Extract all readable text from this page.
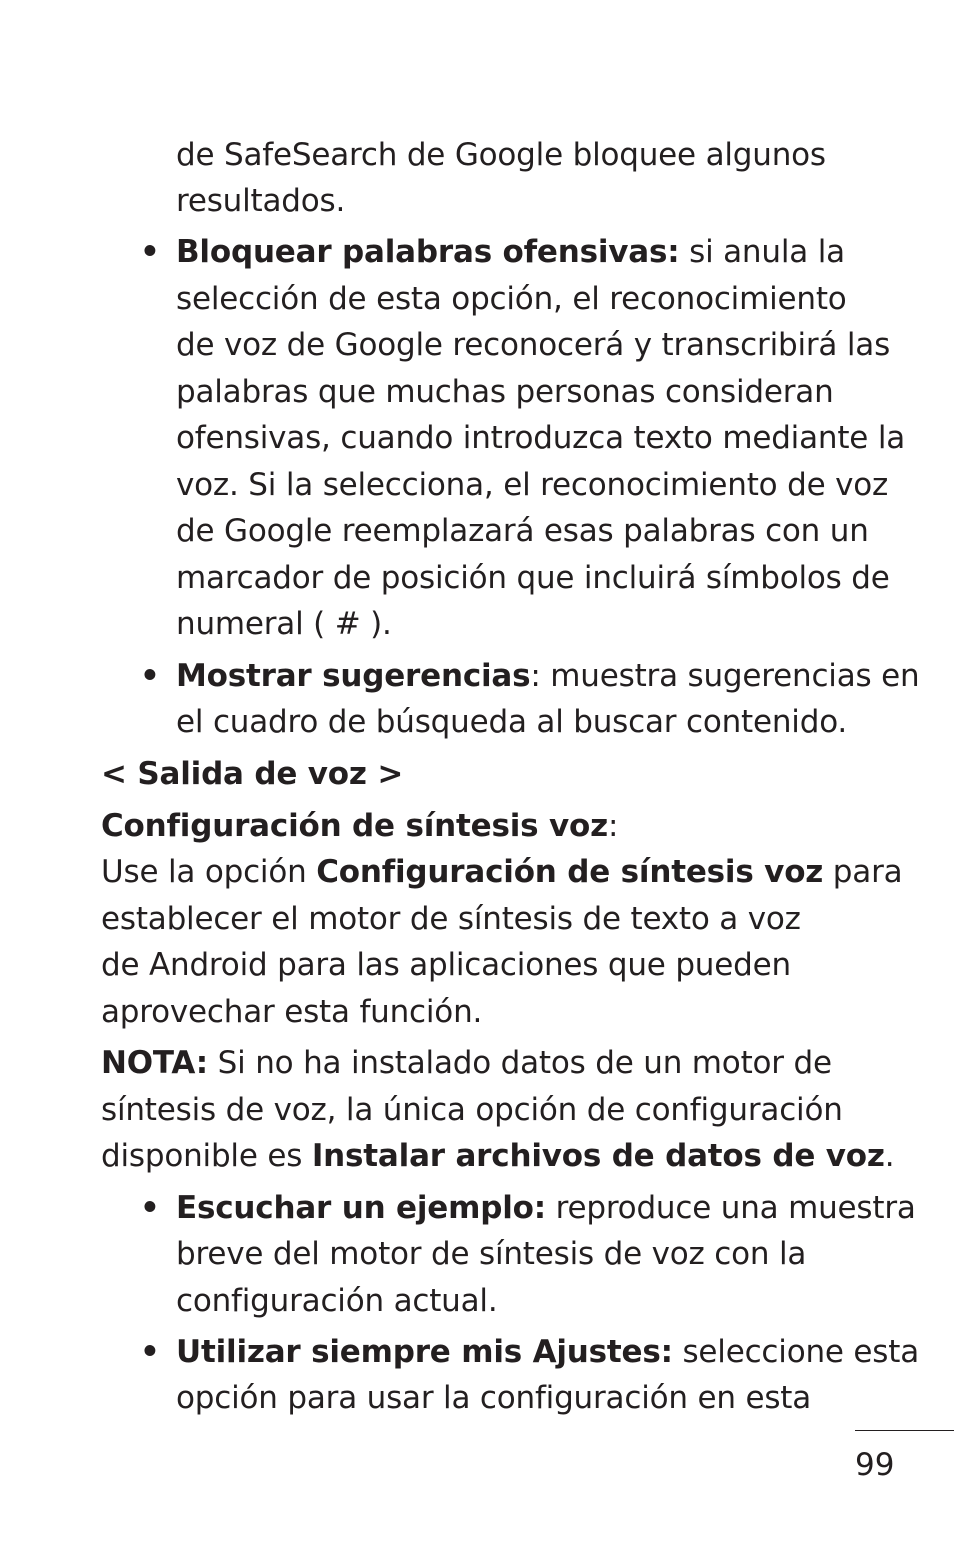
de SafeSearch de Google bloquee algunos
resultados.
• Bloquear palabras ofensivas: si anula la
selección de esta opción, el reconocimiento
de voz de Google reconocerá y transcribirá las
palabras que muchas personas consideran
ofensivas, cuando introduzca texto mediante la
voz. Si la selecciona, el reconocimiento de voz
de Google reemplazará esas palabras con un
marcador de posición que incluirá símbolos de
numeral ( # ).
• Mostrar sugerencias: muestra sugerencias en
el cuadro de búsqueda al buscar contenido.
< Salida de voz >
Configuración de síntesis voz:
Use la opción Configuración de síntesis voz para
establecer el motor de síntesis de texto a voz
de Android para las aplicaciones que pueden
aprovechar esta función.
NOTA: Si no ha instalado datos de un motor de
síntesis de voz, la única opción de configuración
disponible es Instalar archivos de datos de voz.
• Escuchar un ejemplo: reproduce una muestra
breve del motor de síntesis de voz con la
configuración actual.
• Utilizar siempre mis Ajustes: seleccione esta
opción para usar la configuración en esta
99
